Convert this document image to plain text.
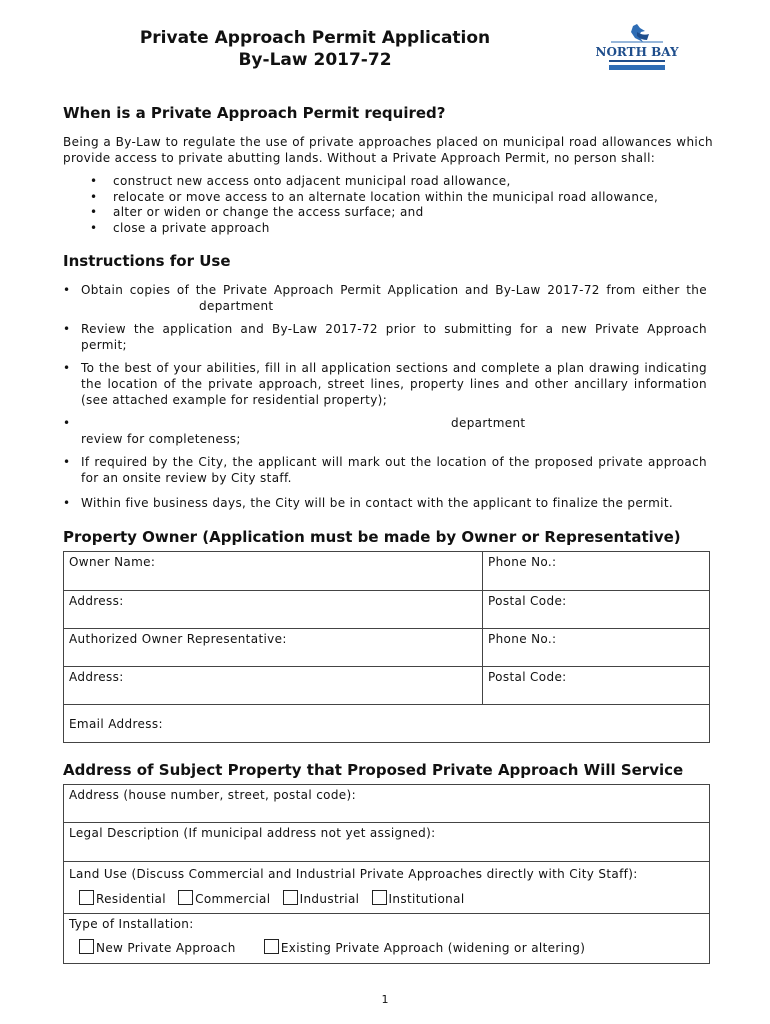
Private Approach Permit Application
By-Law 2017-72	NORTH BAY
When is a Private Approach Permit required?
Being a By-Law to regulate the use of private approaches placed on municipal road allowances which
provide access to private abutting lands. Without a Private Approach Permit, no person shall:
• construct new access onto adjacent municipal road allowance,
• relocate or move access to an alternate location within the municipal road allowance,
• alter or widen or change the access surface; and
• close a private approach
Instructions for Use
• Obtain copies of the Private Approach Permit Application and By-Law 2017-72 from either the
department
• Review the application and By-Law 2017-72 prior to submitting for a new Private Approach
permit;
• To the best of your abilities, fill in all application sections and complete a plan drawing indicating
the location of the private approach, street lines, property lines and other ancillary information
(see attached example for residential property);
•	department
review for completeness;
• If required by the City, the applicant will mark out the location of the proposed private approach
for an onsite review by City staff.
• Within five business days, the City will be in contact with the applicant to finalize the permit.
Property Owner (Application must be made by Owner or Representative)
Owner Name:	Phone No.:
Address:	Postal Code:
Authorized Owner Representative:	Phone No.:
Address:	Postal Code:
Email Address:	
Address of Subject Property that Proposed Private Approach Will Service
Address (house number, street, postal code):
Legal Description (If municipal address not yet assigned):

Land Use (Discuss Commercial and Industrial Private Approaches directly with City Staff):
Residential Commercial Industrial Institutional

Type of Installation:
New Private Approach	Existing Private Approach (widening or altering)
1
